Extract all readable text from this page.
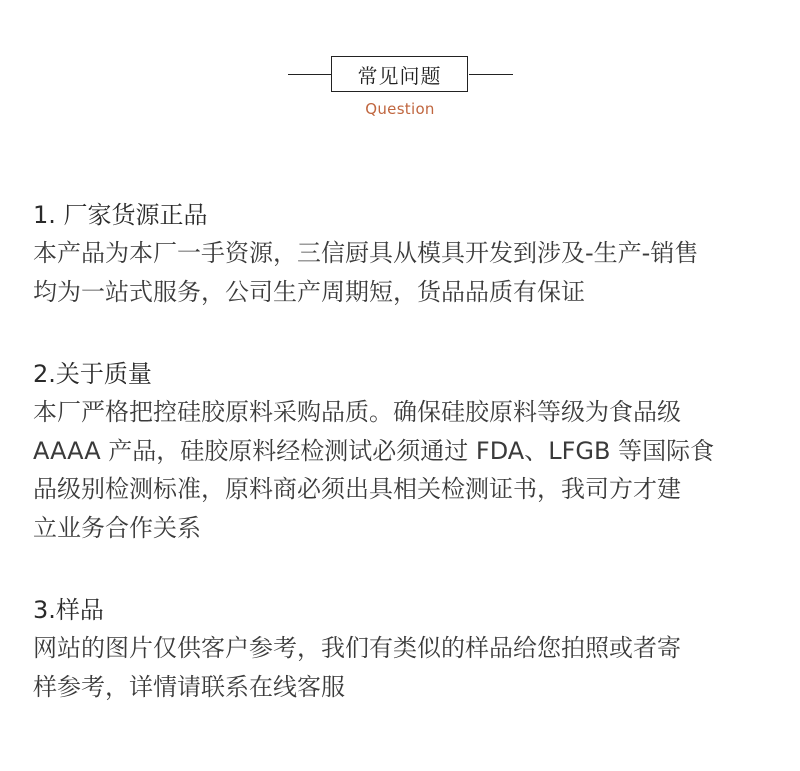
常见问题
Question
1. 厂家货源正品
本产品为本厂一手资源，三信厨具从模具开发到涉及-生产-销售
均为一站式服务，公司生产周期短，货品品质有保证
2.关于质量
本厂严格把控硅胶原料采购品质。确保硅胶原料等级为食品级
AAAA 产品，硅胶原料经检测试必须通过 FDA、LFGB 等国际食
品级别检测标准，原料商必须出具相关检测证书，我司方才建
立业务合作关系
3.样品
网站的图片仅供客户参考，我们有类似的样品给您拍照或者寄
样参考，详情请联系在线客服
